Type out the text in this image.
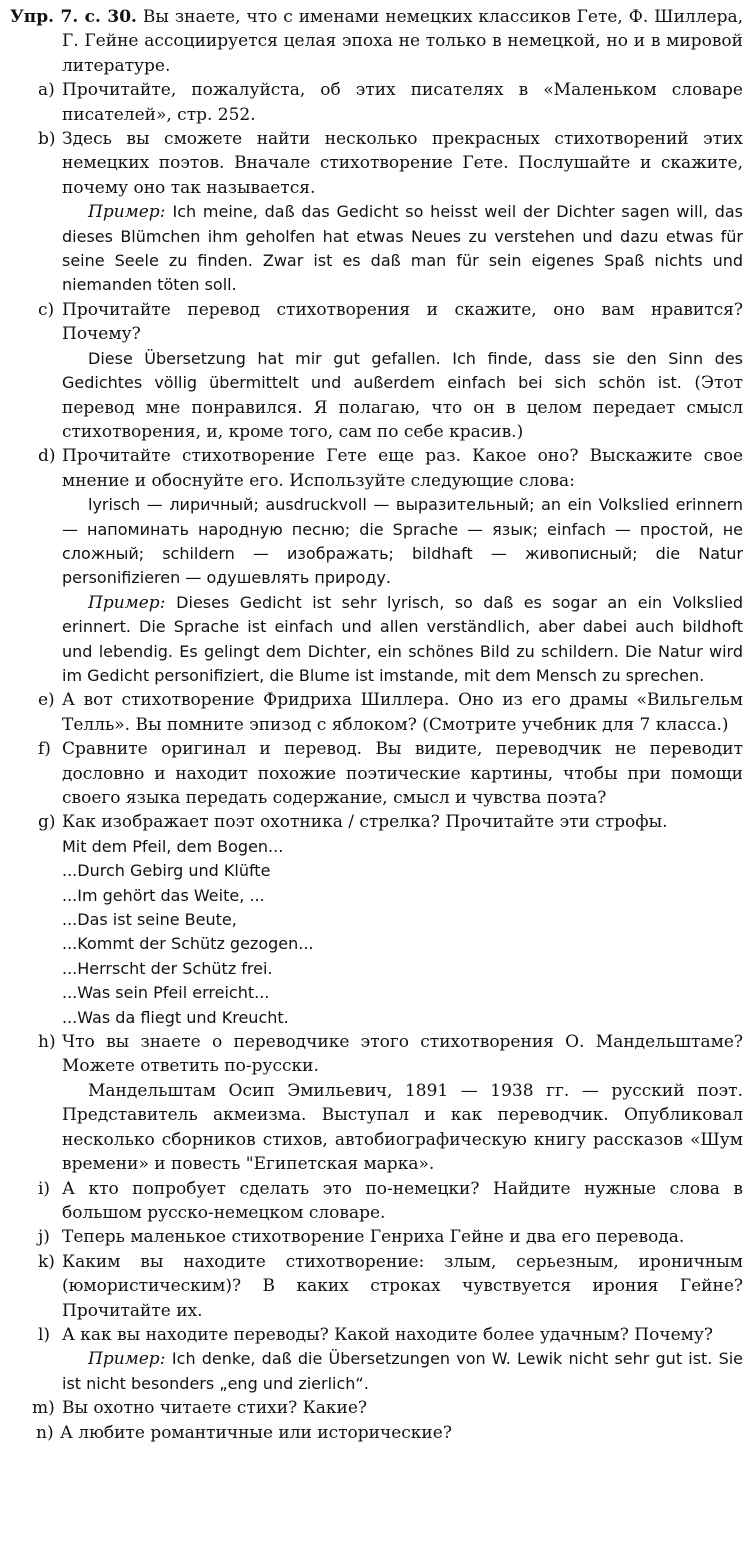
Упр. 7. с. 30. Вы знаете, что с именами немецких классиков Гете, Ф. Шиллера, Г. Гейне ассоциируется целая эпоха не только в немецкой, но и в мировой литературе.

a) Прочитайте, пожалуйста, об этих писателях в «Маленьком словаре писателей», стр. 252.
b) Здесь вы сможете найти несколько прекрасных стихотворений этих немецких поэтов. Вначале стихотворение Гете. Послушайте и скажите, почему оно так называется.

Пример: Ich meine, daß das Gedicht so heisst weil der Dichter sagen will, das dieses Blümchen ihm geholfen hat etwas Neues zu verstehen und dazu etwas für seine Seele zu finden. Zwar ist es daß man für sein eigenes Spaß nichts und niemanden töten soll.

c) Прочитайте перевод стихотворения и скажите, оно вам нравится? Почему?

Diese Übersetzung hat mir gut gefallen. Ich finde, dass sie den Sinn des Gedichtes völlig übermittelt und außerdem einfach bei sich schön ist. (Этот перевод мне понравился. Я полагаю, что он в целом передает смысл стихотворения, и, кроме того, сам по себе красив.)

d) Прочитайте стихотворение Гете еще раз. Какое оно? Выскажите свое мнение и обоснуйте его. Используйте следующие слова:

lyrisch — лиричный; ausdruckvoll — выразительный; an ein Volkslied erinnern — напоминать народную песню; die Sprache — язык; einfach — простой, не сложный; schildern — изображать; bildhaft — живописный; die Natur personifizieren — одушевлять природу.

Пример: Dieses Gedicht ist sehr lyrisch, so daß es sogar an ein Volkslied erinnert. Die Sprache ist einfach und allen verständlich, aber dabei auch bildhoft und lebendig. Es gelingt dem Dichter, ein schönes Bild zu schildern. Die Natur wird im Gedicht personifiziert, die Blume ist imstande, mit dem Mensch zu sprechen.

e) А вот стихотворение Фридриха Шиллера. Оно из его драмы «Вильгельм Телль». Вы помните эпизод с яблоком? (Смотрите учебник для 7 класса.)
f) Сравните оригинал и перевод. Вы видите, переводчик не переводит дословно и находит похожие поэтические картины, чтобы при помощи своего языка передать содержание, смысл и чувства поэта?
g) Как изображает поэт охотника / стрелка? Прочитайте эти строфы.
Mit dem Pfeil, dem Bogen...
...Durch Gebirg und Klüfte
...Im gehört das Weite, ...
...Das ist seine Beute,
...Kommt der Schütz gezogen...
...Herrscht der Schütz frei.
...Was sein Pfeil erreicht...
...Was da fliegt und Kreucht.
h) Что вы знаете о переводчике этого стихотворения О. Мандельштаме? Можете ответить по-русски.

Мандельштам Осип Эмильевич, 1891 — 1938 гг. — русский поэт. Представитель акмеизма. Выступал и как переводчик. Опубликовал несколько сборников стихов, автобиографическую книгу рассказов «Шум времени» и повесть "Египетская марка».

i) А кто попробует сделать это по-немецки? Найдите нужные слова в большом русско-немецком словаре.
j) Теперь маленькое стихотворение Генриха Гейне и два его перевода.
k) Каким вы находите стихотворение: злым, серьезным, ироничным (юмористическим)? В каких строках чувствуется ирония Гейне? Прочитайте их.
l) А как вы находите переводы? Какой находите более удачным? Почему?

Пример: Ich denke, daß die Übersetzungen von W. Lewik nicht sehr gut ist. Sie ist nicht besonders „eng und zierlich“.

m) Вы охотно читаете стихи? Какие?
n) А любите романтичные или исторические?
